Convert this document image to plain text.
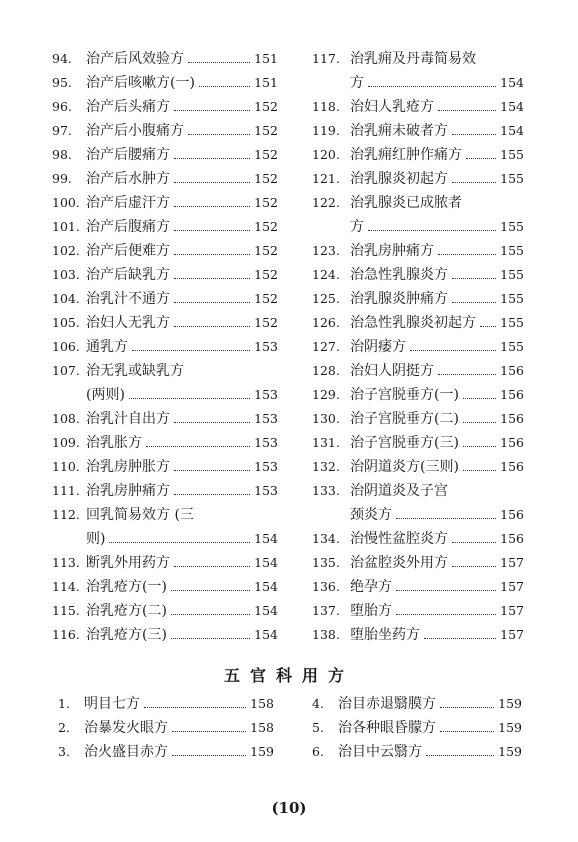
94.	治产后风效验方	151
95.	治产后咳嗽方(一)	151
96.	治产后头痛方	152
97.	治产后小腹痛方	152
98.	治产后腰痛方	152
99.	治产后水肿方	152
100. 治产后虚汗方	152
101. 治产后腹痛方	152
102. 治产后便难方	152
103. 治产后缺乳方	152
104. 治乳汁不通方	152
105. 治妇人无乳方	152
106. 通乳方	153
107. 治无乳或缺乳方
(两则)	153
108. 治乳汁自出方	153
109. 治乳胀方	153
110. 治乳房肿胀方	153
111. 治乳房肿痛方	153
112. 回乳简易效方 (三
则)	154
113. 断乳外用药方	154
114. 治乳疮方(一)	154
115. 治乳疮方(二)	154
116. 治乳疮方(三)	154
117. 治乳痈及丹毒简易效
方	154
118. 治妇人乳疮方	154
119. 治乳痈未破者方	154
120. 治乳痈红肿作痛方	155
121. 治乳腺炎初起方	155
122. 治乳腺炎已成脓者
方	155
123. 治乳房肿痛方	155
124. 治急性乳腺炎方	155
125. 治乳腺炎肿痛方	155
126. 治急性乳腺炎初起方 155
127. 治阴痿方	155
128. 治妇人阴挺方	156
129. 治子宫脱垂方(一)	156
130. 治子宫脱垂方(二)	156
131. 治子宫脱垂方(三)	156
132. 治阴道炎方(三则)	156
133. 治阴道炎及子宫
颈炎方	156
134. 治慢性盆腔炎方	156
135. 治盆腔炎外用方	157
136. 绝孕方	157
137. 堕胎方	157
138. 堕胎坐药方	157
五官科用方
1.	明目七方	158
2.	治暴发火眼方	158
3.	治火盛目赤方	159
4.	治目赤退翳膜方	159
5.	治各种眼昏朦方	159
6.	治目中云翳方	159
(10)
